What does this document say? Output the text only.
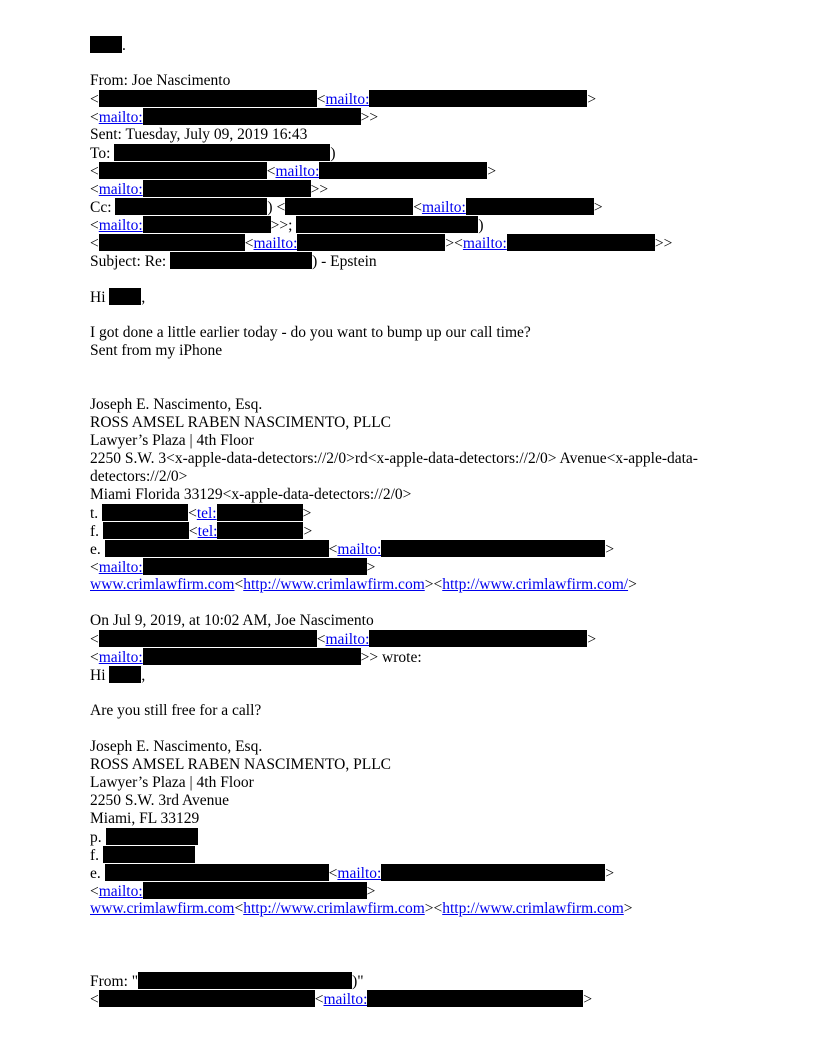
.
From: Joe Nascimento
<	<mailto:	>
<mailto:	>>
Sent: Tuesday, July 09, 2019 16:43
To:	)
<	<mailto:	>
<mailto:	>>
Cc:	) <	<mailto:	>
<mailto:	>>;	)
<	<mailto:	><mailto:	>>
Subject: Re:	) - Epstein
Hi ,
I got done a little earlier today - do you want to bump up our call time?
Sent from my iPhone
Joseph E. Nascimento, Esq.
ROSS AMSEL RABEN NASCIMENTO, PLLC
Lawyer’s Plaza | 4th Floor
2250 S.W. 3<x-apple-data-detectors://2/0>rd<x-apple-data-detectors://2/0> Avenue<x-apple-data-detectors://2/0>
Miami Florida 33129<x-apple-data-detectors://2/0>
t.	<tel:	>
f.	<tel:	>
e.	<mailto:	>
<mailto:	>
www.crimlawfirm.com<http://www.crimlawfirm.com><http://www.crimlawfirm.com/>
On Jul 9, 2019, at 10:02 AM, Joe Nascimento
<	<mailto:	>
<mailto:	>> wrote:
Hi ,
Are you still free for a call?
Joseph E. Nascimento, Esq.
ROSS AMSEL RABEN NASCIMENTO, PLLC
Lawyer’s Plaza | 4th Floor
2250 S.W. 3rd Avenue
Miami, FL 33129
p.
f.
e.	<mailto:	>
<mailto:	>
www.crimlawfirm.com<http://www.crimlawfirm.com><http://www.crimlawfirm.com>
From: "	)"
<	<mailto:	>
